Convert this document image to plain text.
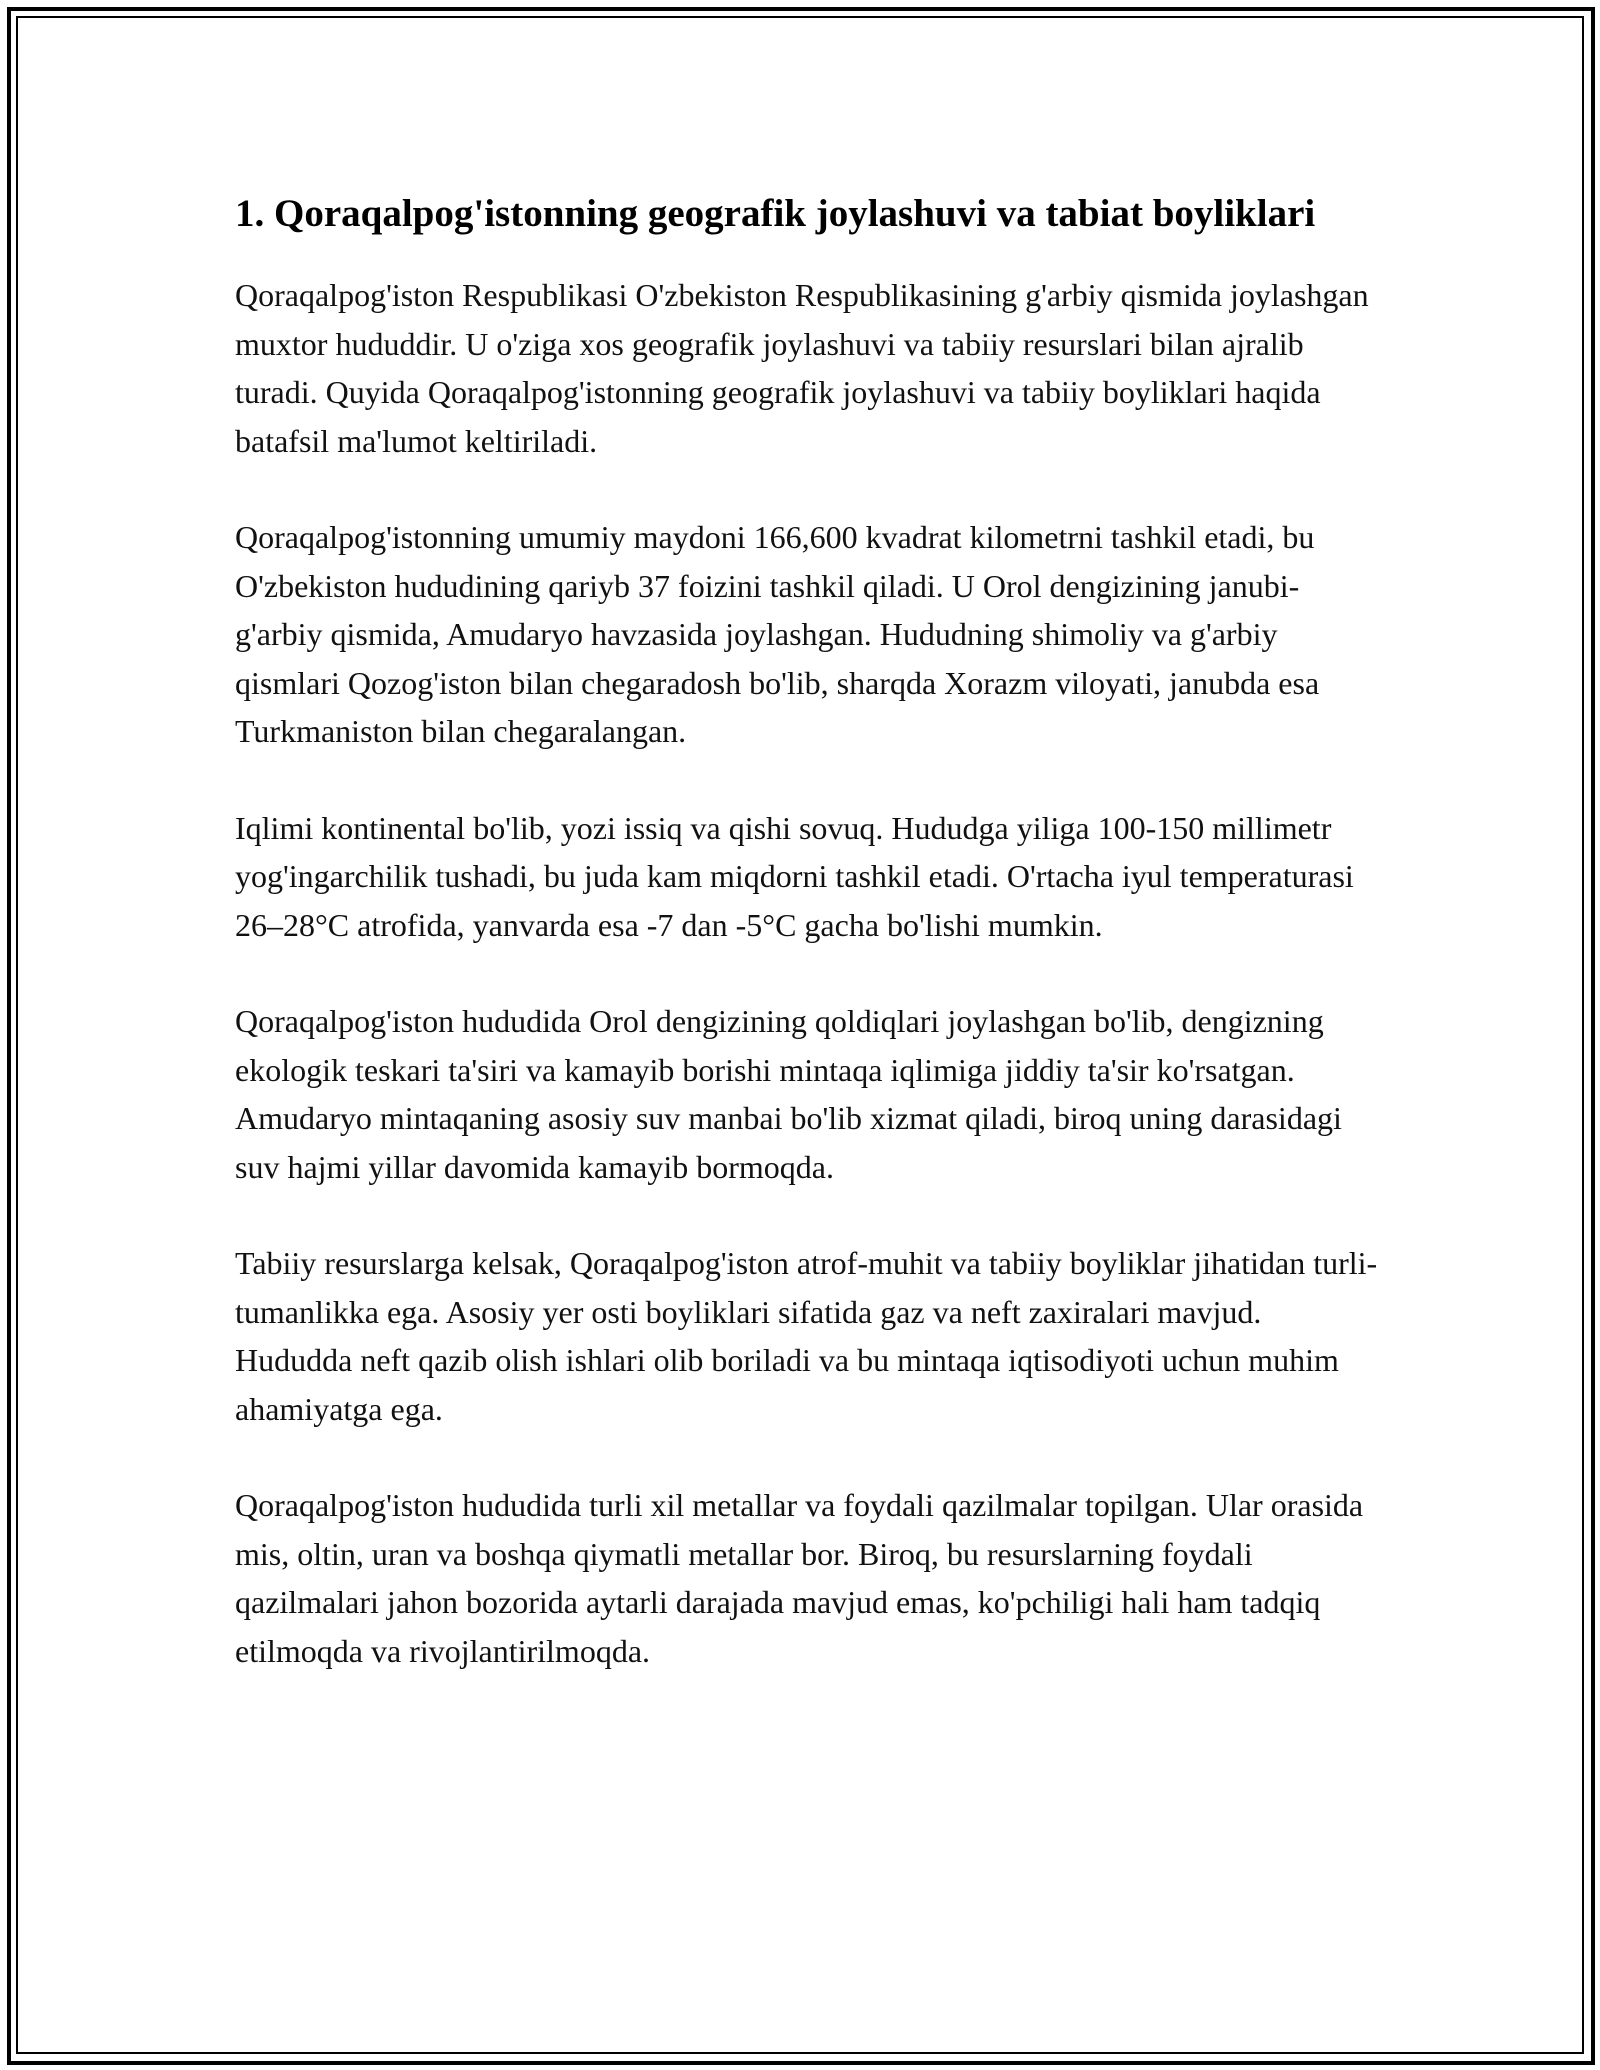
1. Qoraqalpog'istonning geografik joylashuvi va tabiat boyliklari

Qoraqalpog'iston Respublikasi O'zbekiston Respublikasining g'arbiy qismida joylashgan muxtor hududdir. U o'ziga xos geografik joylashuvi va tabiiy resurslari bilan ajralib turadi. Quyida Qoraqalpog'istonning geografik joylashuvi va tabiiy boyliklari haqida batafsil ma'lumot keltiriladi.

Qoraqalpog'istonning umumiy maydoni 166,600 kvadrat kilometrni tashkil etadi, bu O'zbekiston hududining qariyb 37 foizini tashkil qiladi. U Orol dengizining janubi-g'arbiy qismida, Amudaryo havzasida joylashgan. Hududning shimoliy va g'arbiy qismlari Qozog'iston bilan chegaradosh bo'lib, sharqda Xorazm viloyati, janubda esa Turkmaniston bilan chegaralangan.

Iqlimi kontinental bo'lib, yozi issiq va qishi sovuq. Hududga yiliga 100-150 millimetr yog'ingarchilik tushadi, bu juda kam miqdorni tashkil etadi. O'rtacha iyul temperaturasi 26–28°C atrofida, yanvarda esa -7 dan -5°C gacha bo'lishi mumkin.

Qoraqalpog'iston hududida Orol dengizining qoldiqlari joylashgan bo'lib, dengizning ekologik teskari ta'siri va kamayib borishi mintaqa iqlimiga jiddiy ta'sir ko'rsatgan. Amudaryo mintaqaning asosiy suv manbai bo'lib xizmat qiladi, biroq uning darasidagi suv hajmi yillar davomida kamayib bormoqda.

Tabiiy resurslarga kelsak, Qoraqalpog'iston atrof-muhit va tabiiy boyliklar jihatidan turli-tumanlikka ega. Asosiy yer osti boyliklari sifatida gaz va neft zaxiralari mavjud. Hududda neft qazib olish ishlari olib boriladi va bu mintaqa iqtisodiyoti uchun muhim ahamiyatga ega.

Qoraqalpog'iston hududida turli xil metallar va foydali qazilmalar topilgan. Ular orasida mis, oltin, uran va boshqa qiymatli metallar bor. Biroq, bu resurslarning foydali qazilmalari jahon bozorida aytarli darajada mavjud emas, ko'pchiligi hali ham tadqiq etilmoqda va rivojlantirilmoqda.
